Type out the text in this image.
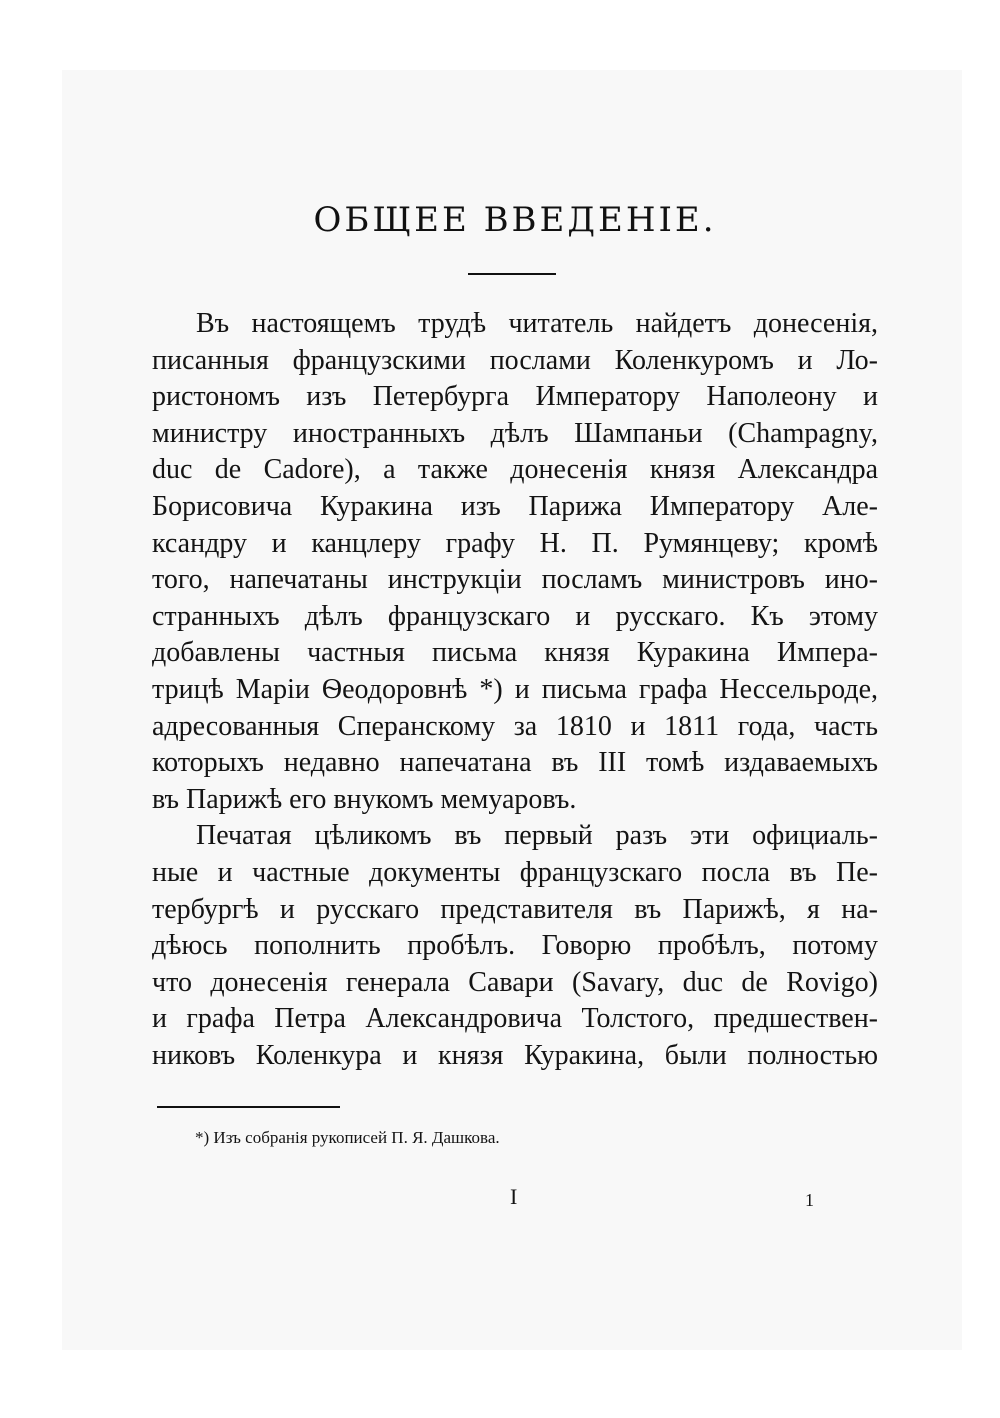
ОБЩЕЕ ВВЕДЕНІЕ.
Въ настоящемъ трудѣ читатель найдетъ донесенія,
писанныя французскими послами Коленкуромъ и Ло-
ристономъ изъ Петербурга Императору Наполеону и
министру иностранныхъ дѣлъ Шампаньи (Champagny,
duc de Cadore), а также донесенія князя Александра
Борисовича Куракина изъ Парижа Императору Але-
ксандру и канцлеру графу Н. П. Румянцеву; кромѣ
того, напечатаны инструкціи посламъ министровъ ино-
странныхъ дѣлъ французскаго и русскаго. Къ этому
добавлены частныя письма князя Куракина Импера-
трицѣ Маріи Ѳеодоровнѣ *) и письма графа Нессельроде,
адресованныя Сперанскому за 1810 и 1811 года, часть
которыхъ недавно напечатана въ III томѣ издаваемыхъ
въ Парижѣ его внукомъ мемуаровъ.
Печатая цѣликомъ въ первый разъ эти официаль-
ные и частные документы французскаго посла въ Пе-
тербургѣ и русскаго представителя въ Парижѣ, я на-
дѣюсь пополнить пробѣлъ. Говорю пробѣлъ, потому
что донесенія генерала Савари (Savary, duc de Rovigo)
и графа Петра Александровича Толстого, предшествен-
никовъ Коленкура и князя Куракина, были полностью
*) Изъ собранія рукописей П. Я. Дашкова.
I	1
